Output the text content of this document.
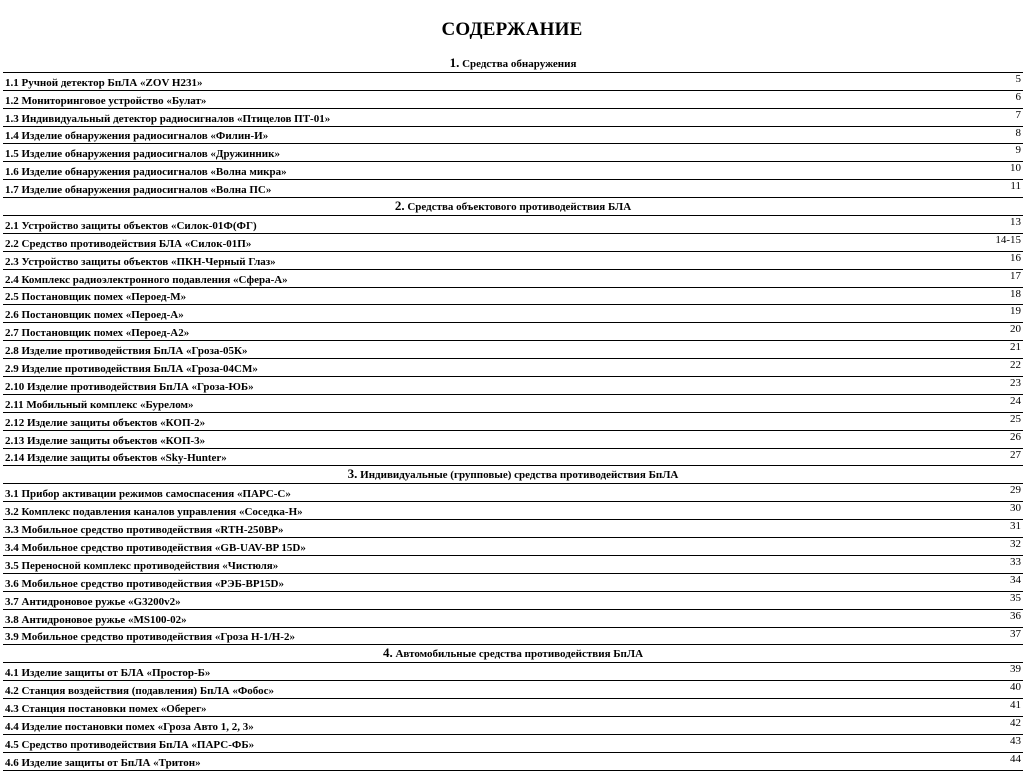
СОДЕРЖАНИЕ
1. Средства обнаружения
1.1 Ручной детектор БпЛА «ZOV H231»	5
1.2 Мониторинговое устройство «Булат»	6
1.3 Индивидуальный детектор радиосигналов «Птицелов ПТ-01»	7
1.4 Изделие обнаружения радиосигналов «Филин-И»	8
1.5 Изделие обнаружения радиосигналов «Дружинник»	9
1.6 Изделие обнаружения радиосигналов «Волна микра»	10
1.7 Изделие обнаружения радиосигналов «Волна ПС»	11
2. Средства объектового противодействия БЛА
2.1 Устройство защиты объектов «Силок-01Ф(ФГ)	13
2.2 Средство противодействия БЛА «Силок-01П»	14-15
2.3 Устройство защиты объектов «ПКН-Черный Глаз»	16
2.4 Комплекс радиоэлектронного подавления «Сфера-А»	17
2.5 Постановщик помех «Пероед-М»	18
2.6 Постановщик помех «Пероед-А»	19
2.7 Постановщик помех «Пероед-А2»	20
2.8 Изделие противодействия БпЛА «Гроза-05К»	21
2.9 Изделие противодействия БпЛА «Гроза-04СМ»	22
2.10 Изделие противодействия БпЛА «Гроза-ЮБ»	23
2.11 Мобильный комплекс «Бурелом»	24
2.12 Изделие защиты объектов «КОП-2»	25
2.13 Изделие защиты объектов «КОП-3»	26
2.14 Изделие защиты объектов «Sky-Hunter»	27
3. Индивидуальные (групповые) средства противодействия БпЛА
3.1 Прибор активации режимов самоспасения «ПАРС-С»	29
3.2 Комплекс подавления каналов управления «Соседка-Н»	30
3.3 Мобильное средство противодействия «RTH-250BP»	31
3.4 Мобильное средство противодействия «GB-UAV-BP 15D»	32
3.5 Переносной комплекс противодействия «Чистюля»	33
3.6 Мобильное средство противодействия «РЭБ-ВР15D»	34
3.7 Антидроновое ружье «G3200v2»	35
3.8 Антидроновое ружье «MS100-02»	36
3.9 Мобильное средство противодействия «Гроза Н-1/Н-2»	37
4. Автомобильные средства противодействия БпЛА
4.1 Изделие защиты от БЛА «Простор-Б»	39
4.2 Станция воздействия (подавления) БпЛА «Фобос»	40
4.3 Станция постановки помех «Оберег»	41
4.4 Изделие постановки помех «Гроза Авто 1, 2, 3»	42
4.5 Средство противодействия БпЛА «ПАРС-ФБ»	43
4.6 Изделие защиты от БпЛА «Тритон»	44
